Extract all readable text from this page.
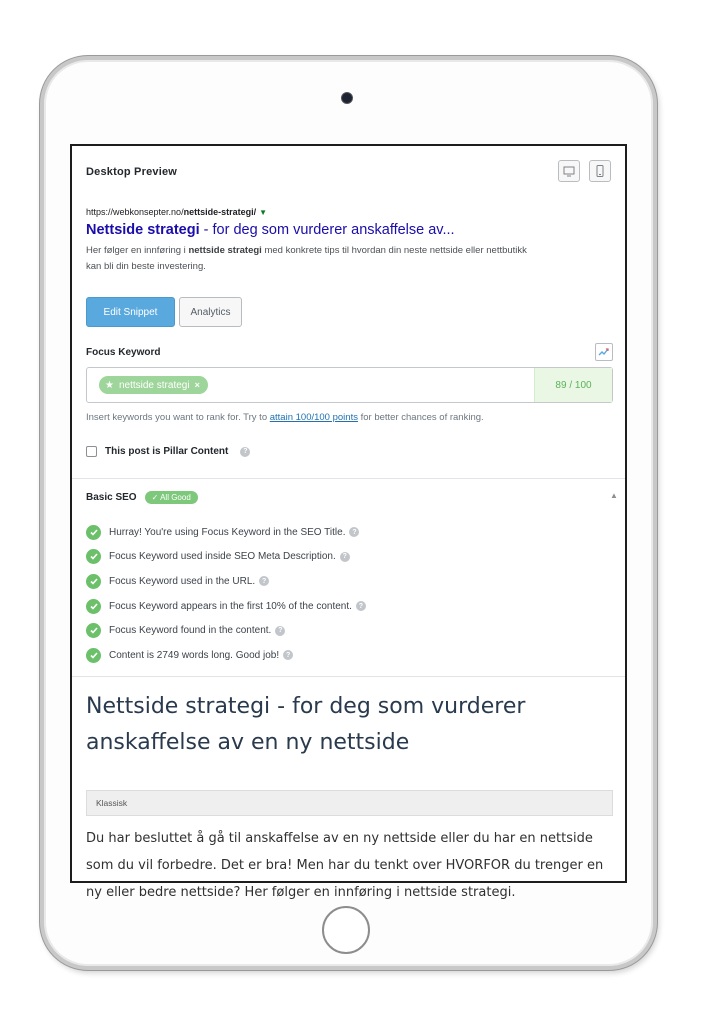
Desktop Preview
https://webkonsepter.no/nettside-strategi/ ▼
Nettside strategi - for deg som vurderer anskaffelse av...
Her følger en innføring i nettside strategi med konkrete tips til hvordan din neste nettside eller nettbutikk kan bli din beste investering.
Edit Snippet	Analytics
Focus Keyword
★ nettside strategi ×	89 / 100
Insert keywords you want to rank for. Try to attain 100/100 points for better chances of ranking.
This post is Pillar Content	?
Basic SEO	✓ All Good	▲
Hurray! You're using Focus Keyword in the SEO Title. ?
Focus Keyword used inside SEO Meta Description. ?
Focus Keyword used in the URL. ?
Focus Keyword appears in the first 10% of the content. ?
Focus Keyword found in the content. ?
Content is 2749 words long. Good job! ?
Nettside strategi - for deg som vurderer anskaffelse av en ny nettside
Klassisk
Du har besluttet å gå til anskaffelse av en ny nettside eller du har en nettside som du vil forbedre. Det er bra! Men har du tenkt over HVORFOR du trenger en ny eller bedre nettside? Her følger en innføring i nettside strategi.
